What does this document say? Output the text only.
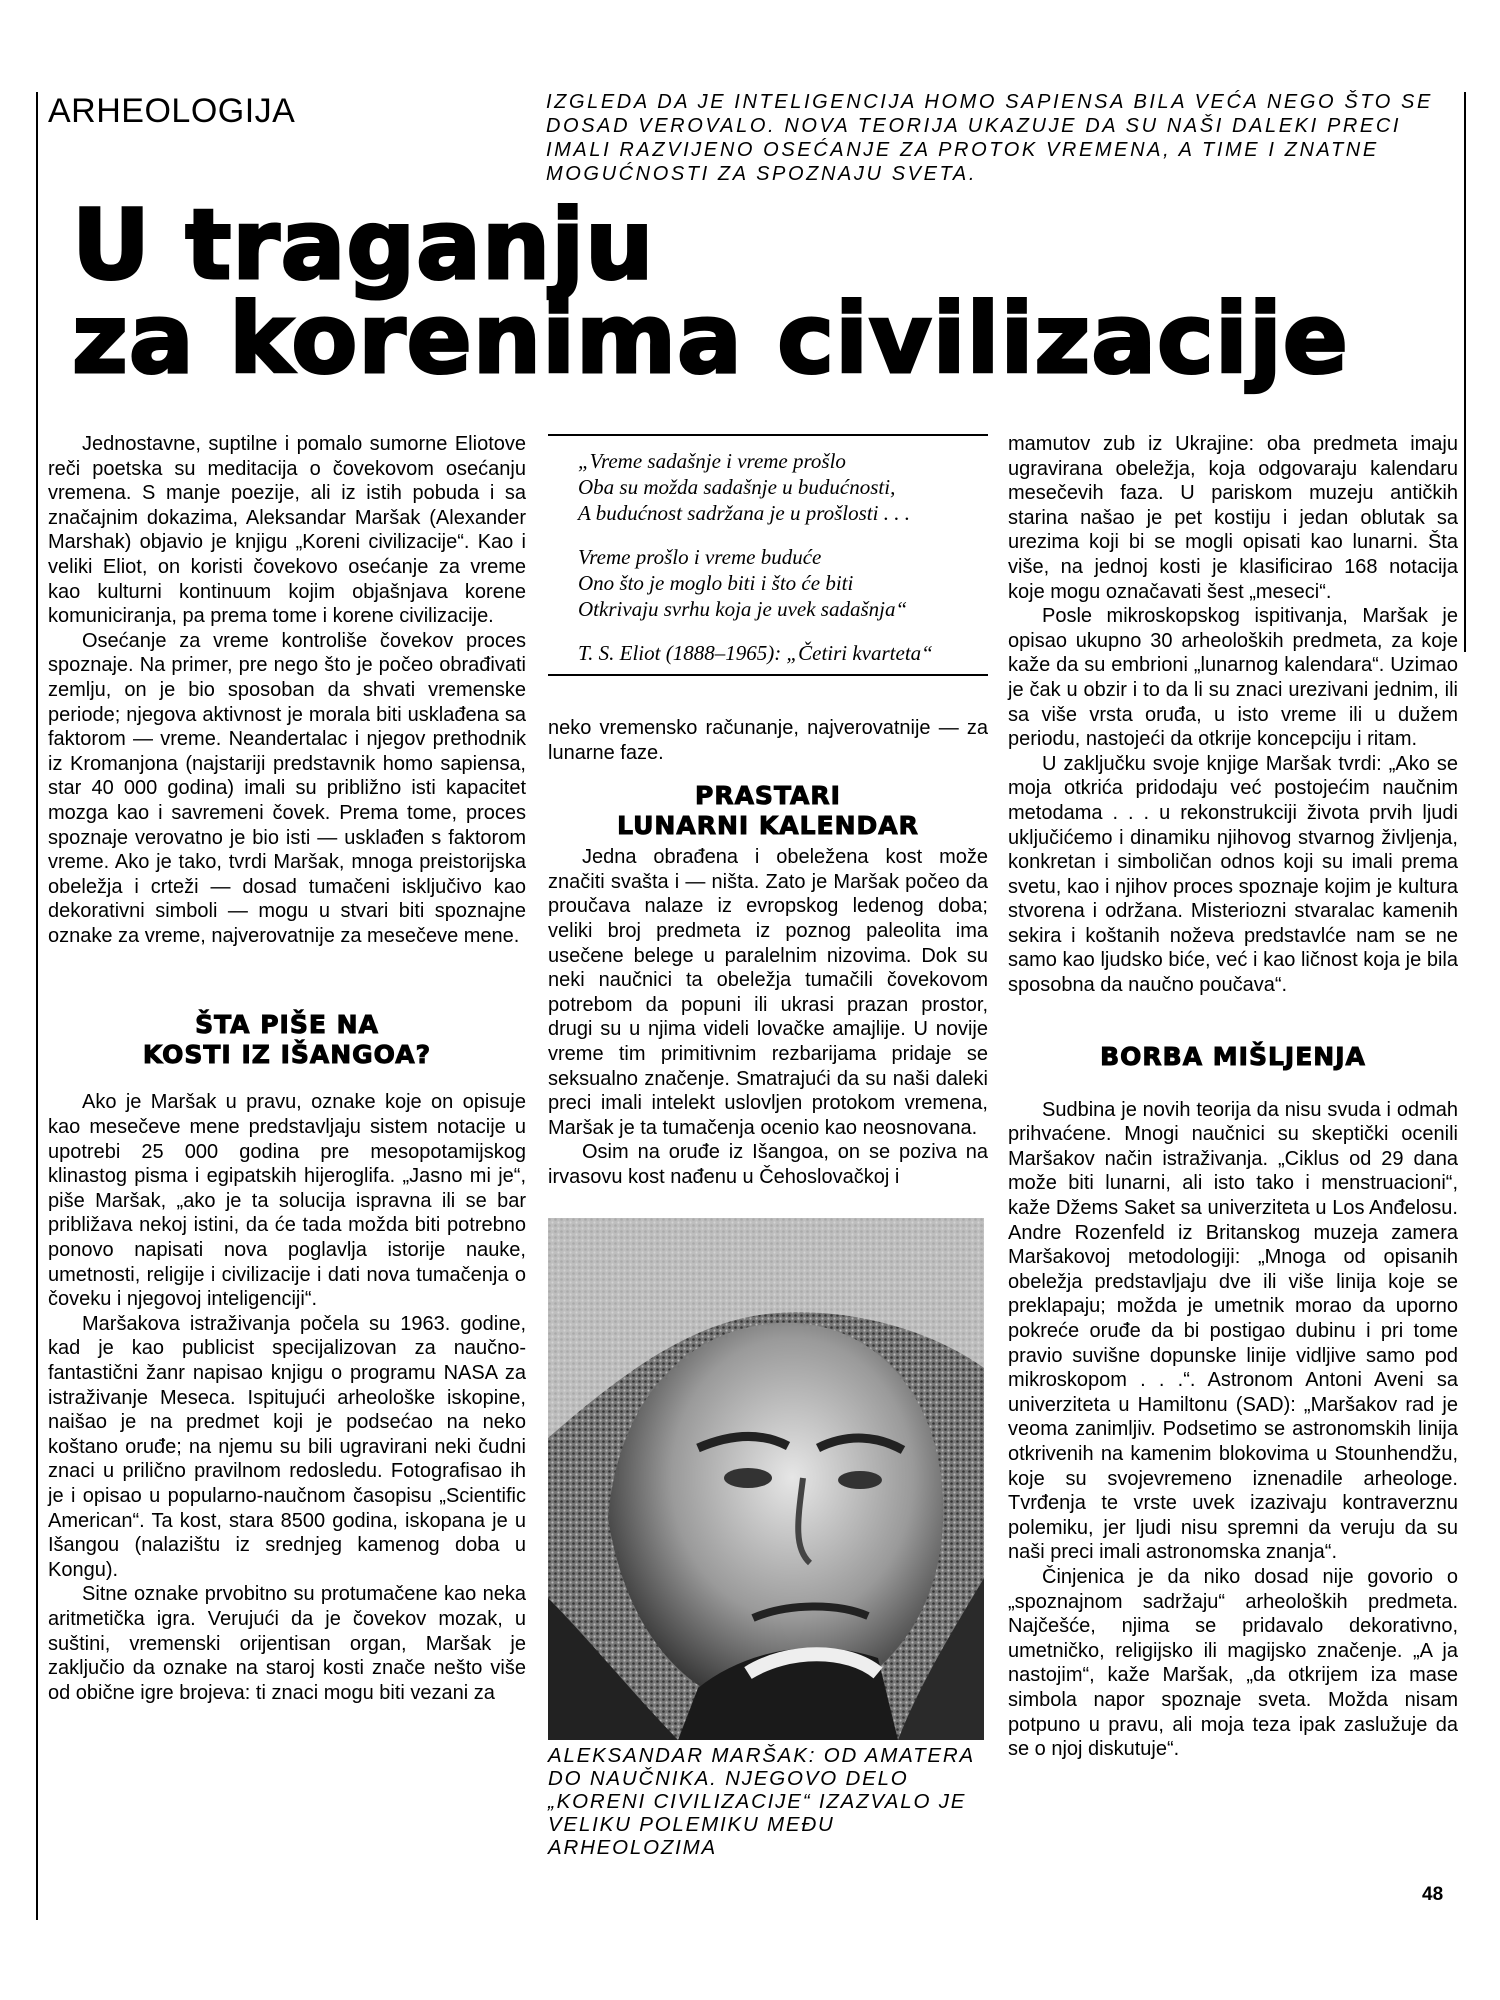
ARHEOLOGIJA	IZGLEDA DA JE INTELIGENCIJA HOMO SAPIENSA BILA VEĆA NEGO ŠTO SE DOSAD VEROVALO. NOVA TEORIJA UKAZUJE DA SU NAŠI DALEKI PRECI IMALI RAZVIJENO OSEĆANJE ZA PROTOK VREMENA, A TIME I ZNATNE MOGUĆNOSTI ZA SPOZNAJU SVETA.
U traganju
za korenima civilizacije

Jednostavne, suptilne i pomalo sumorne Eliotove reči poetska su meditacija o čovekovom osećanju vremena. S manje poezije, ali iz istih pobuda i sa značajnim dokazima, Aleksandar Maršak (Alexander Marshak) objavio je knjigu „Koreni civilizacije“. Kao i veliki Eliot, on koristi čovekovo osećanje za vreme kao kulturni kontinuum kojim objašnjava korene komuniciranja, pa prema tome i korene civilizacije.

Osećanje za vreme kontroliše čovekov proces spoznaje. Na primer, pre nego što je počeo obrađivati zemlju, on je bio sposoban da shvati vremenske periode; njegova aktivnost je morala biti usklađena sa faktorom — vreme. Neandertalac i njegov prethodnik iz Kromanjona (najstariji predstavnik homo sapiensa, star 40 000 godina) imali su približno isti kapacitet mozga kao i savremeni čovek. Prema tome, proces spoznaje verovatno je bio isti — usklađen s faktorom vreme. Ako je tako, tvrdi Maršak, mnoga preistorijska obeležja i crteži — dosad tumačeni isključivo kao dekorativni simboli — mogu u stvari biti spoznajne oznake za vreme, najverovatnije za mesečeve mene.

ŠTA PIŠE NA
KOSTI IZ IŠANGOA?

Ako je Maršak u pravu, oznake koje on opisuje kao mesečeve mene predstavljaju sistem notacije u upotrebi 25 000 godina pre mesopotamijskog klinastog pisma i egipatskih hijeroglifa. „Jasno mi je“, piše Maršak, „ako je ta solucija ispravna ili se bar približava nekoj istini, da će tada možda biti potrebno ponovo napisati nova poglavlja istorije nauke, umetnosti, religije i civilizacije i dati nova tumačenja o čoveku i njegovoj inteligenciji“.

Maršakova istraživanja počela su 1963. godine, kad je kao publicist specijalizovan za naučno-fantastični žanr napisao knjigu o programu NASA za istraživanje Meseca. Ispitujući arheološke iskopine, naišao je na predmet koji je podsećao na neko koštano oruđe; na njemu su bili ugravirani neki čudni znaci u prilično pravilnom redosledu. Fotografisao ih je i opisao u popularno-naučnom časopisu „Scientific American“. Ta kost, stara 8500 godina, iskopana je u Išangou (nalazištu iz srednjeg kamenog doba u Kongu).

Sitne oznake prvobitno su protumačene kao neka aritmetička igra. Verujući da je čovekov mozak, u suštini, vremenski orijentisan organ, Maršak je zaključio da oznake na staroj kosti znače nešto više od obične igre brojeva: ti znaci mogu biti vezani za

„Vreme sadašnje i vreme prošlo
Oba su možda sadašnje u budućnosti,
A budućnost sadržana je u prošlosti . . .
Vreme prošlo i vreme buduće
Ono što je moglo biti i što će biti
Otkrivaju svrhu koja je uvek sadašnja“
T. S. Eliot (1888–1965): „Četiri kvarteta“

neko vremensko računanje, najverovatnije — za lunarne faze.

PRASTARI
LUNARNI KALENDAR

Jedna obrađena i obeležena kost može značiti svašta i — ništa. Zato je Maršak počeo da proučava nalaze iz evropskog ledenog doba; veliki broj predmeta iz poznog paleolita ima usečene belege u paralelnim nizovima. Dok su neki naučnici ta obeležja tumačili čovekovom potrebom da popuni ili ukrasi prazan prostor, drugi su u njima videli lovačke amajlije. U novije vreme tim primitivnim rezbarijama pridaje se seksualno značenje. Smatrajući da su naši daleki preci imali intelekt uslovljen protokom vremena, Maršak je ta tumačenja ocenio kao neosnovana.

Osim na oruđe iz Išangoa, on se poziva na irvasovu kost nađenu u Čehoslovačkoj i

ALEKSANDAR MARŠAK: OD AMATERA DO NAUČNIKA. NJEGOVO DELO „KORENI CIVILIZACIJE“ IZAZVALO JE VELIKU POLEMIKU MEĐU ARHEOLOZIMA

mamutov zub iz Ukrajine: oba predmeta imaju ugravirana obeležja, koja odgovaraju kalendaru mesečevih faza. U pariskom muzeju antičkih starina našao je pet kostiju i jedan oblutak sa urezima koji bi se mogli opisati kao lunarni. Šta više, na jednoj kosti je klasificirao 168 notacija koje mogu označavati šest „meseci“.

Posle mikroskopskog ispitivanja, Maršak je opisao ukupno 30 arheoloških predmeta, za koje kaže da su embrioni „lunarnog kalendara“. Uzimao je čak u obzir i to da li su znaci urezivani jednim, ili sa više vrsta oruđa, u isto vreme ili u dužem periodu, nastojeći da otkrije koncepciju i ritam.

U zaključku svoje knjige Maršak tvrdi: „Ako se moja otkrića pridodaju već postojećim naučnim metodama . . . u rekonstrukciji života prvih ljudi uključićemo i dinamiku njihovog stvarnog življenja, konkretan i simboličan odnos koji su imali prema svetu, kao i njihov proces spoznaje kojim je kultura stvorena i održana. Misteriozni stvaralac kamenih sekira i koštanih noževa predstavlće nam se ne samo kao ljudsko biće, već i kao ličnost koja je bila sposobna da naučno poučava“.

BORBA MIŠLJENJA

Sudbina je novih teorija da nisu svuda i odmah prihvaćene. Mnogi naučnici su skeptički ocenili Maršakov način istraživanja. „Ciklus od 29 dana može biti lunarni, ali isto tako i menstruacioni“, kaže Džems Saket sa univerziteta u Los Anđelosu. Andre Rozenfeld iz Britanskog muzeja zamera Maršakovoj metodologiji: „Mnoga od opisanih obeležja predstavljaju dve ili više linija koje se preklapaju; možda je umetnik morao da uporno pokreće oruđe da bi postigao dubinu i pri tome pravio suvišne dopunske linije vidljive samo pod mikroskopom . . .“. Astronom Antoni Aveni sa univerziteta u Hamiltonu (SAD): „Maršakov rad je veoma zanimljiv. Podsetimo se astronomskih linija otkrivenih na kamenim blokovima u Stounhendžu, koje su svojevremeno iznenadile arheologe. Tvrđenja te vrste uvek izazivaju kontraverznu polemiku, jer ljudi nisu spremni da veruju da su naši preci imali astronomska znanja“.

Činjenica je da niko dosad nije govorio o „spoznajnom sadržaju“ arheoloških predmeta. Najčešće, njima se pridavalo dekorativno, umetničko, religijsko ili magijsko značenje. „A ja nastojim“, kaže Maršak, „da otkrijem iza mase simbola napor spoznaje sveta. Možda nisam potpuno u pravu, ali moja teza ipak zaslužuje da se o njoj diskutuje“.

48
